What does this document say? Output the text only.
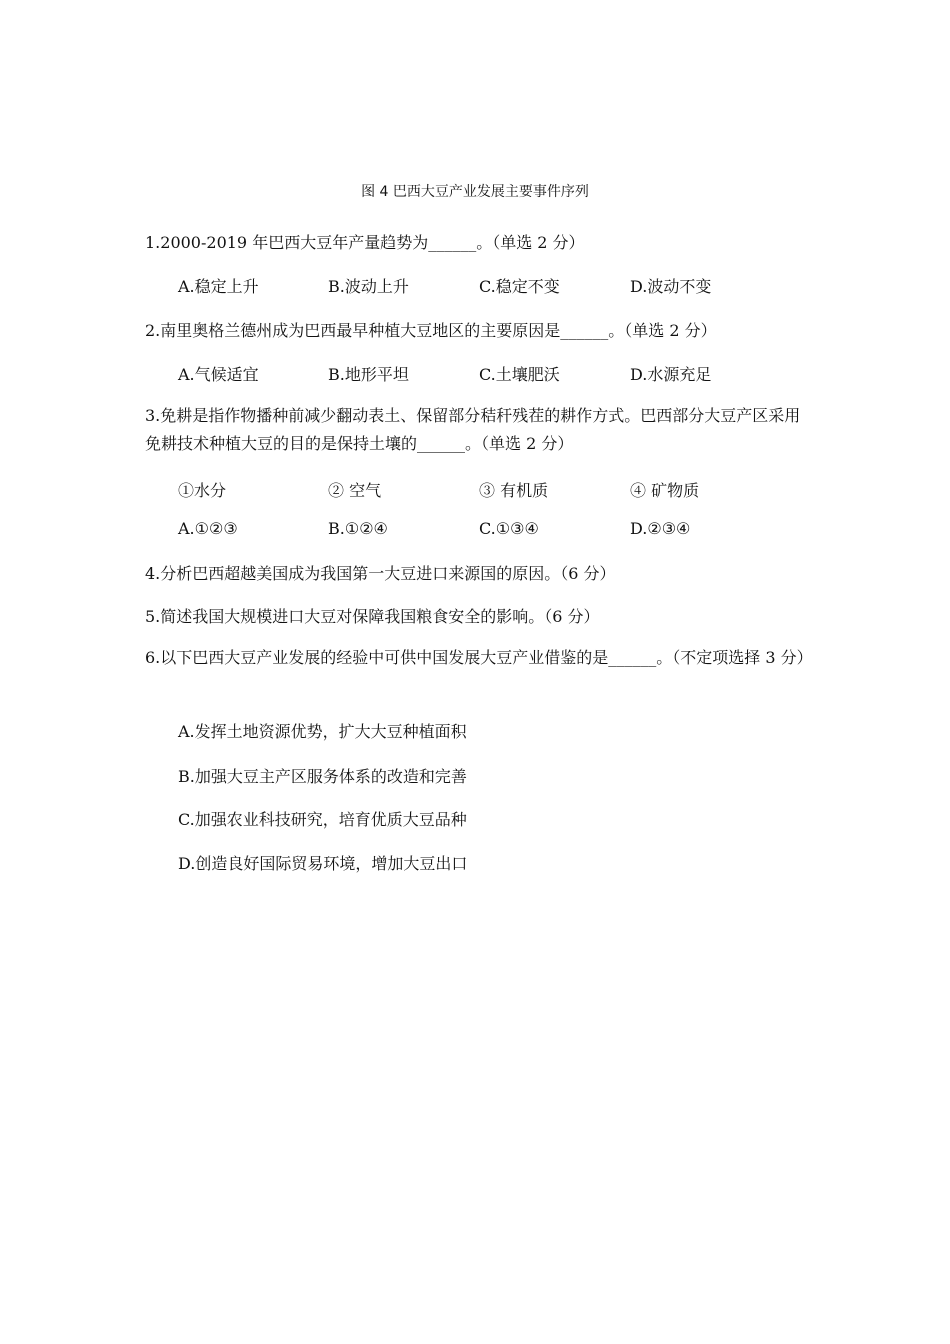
图 4 巴西大豆产业发展主要事件序列
1.2000-2019 年巴西大豆年产量趋势为______。（单选 2 分）
A.稳定上升	B.波动上升	C.稳定不变	D.波动不变
2.南里奥格兰德州成为巴西最早种植大豆地区的主要原因是______。（单选 2 分）
A.气候适宜	B.地形平坦	C.土壤肥沃	D.水源充足
3.免耕是指作物播种前减少翻动表土、保留部分秸秆残茬的耕作方式。巴西部分大豆产区采用免耕技术种植大豆的目的是保持土壤的______。（单选 2 分）
①水分	② 空气	③ 有机质	④ 矿物质
A.①②③	B.①②④	C.①③④	D.②③④
4.分析巴西超越美国成为我国第一大豆进口来源国的原因。（6 分）
5.简述我国大规模进口大豆对保障我国粮食安全的影响。（6 分）
6.以下巴西大豆产业发展的经验中可供中国发展大豆产业借鉴的是______。（不定项选择 3 分）
A.发挥土地资源优势，扩大大豆种植面积
B.加强大豆主产区服务体系的改造和完善
C.加强农业科技研究，培育优质大豆品种
D.创造良好国际贸易环境，增加大豆出口
